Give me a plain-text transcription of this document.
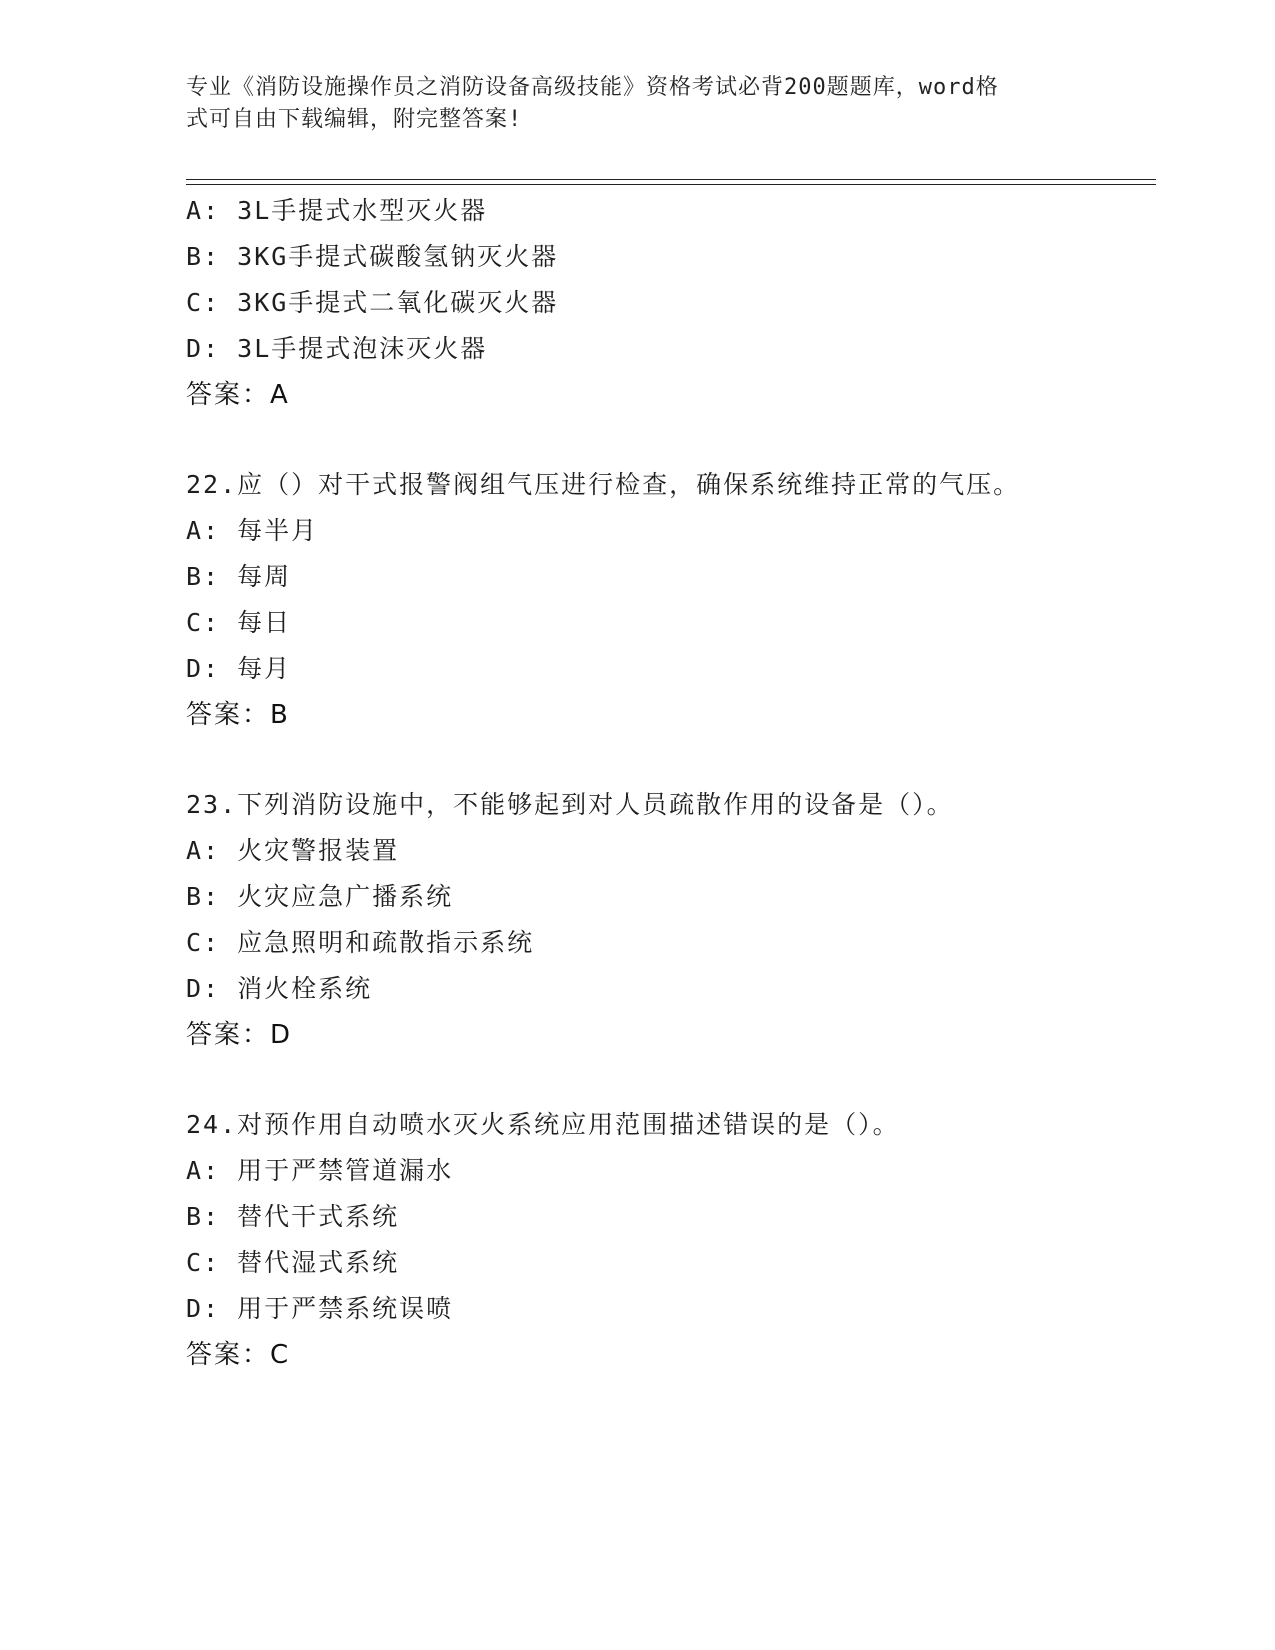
专业《消防设施操作员之消防设备高级技能》资格考试必背200题题库，word格
式可自由下载编辑，附完整答案!
A: 3L手提式水型灭火器
B: 3KG手提式碳酸氢钠灭火器
C: 3KG手提式二氧化碳灭火器
D: 3L手提式泡沫灭火器
答案：A
22.应（）对干式报警阀组气压进行检查，确保系统维持正常的气压。
A: 每半月
B: 每周
C: 每日
D: 每月
答案：B
23.下列消防设施中，不能够起到对人员疏散作用的设备是（）。
A: 火灾警报装置
B: 火灾应急广播系统
C: 应急照明和疏散指示系统
D: 消火栓系统
答案：D
24.对预作用自动喷水灭火系统应用范围描述错误的是（）。
A: 用于严禁管道漏水
B: 替代干式系统
C: 替代湿式系统
D: 用于严禁系统误喷
答案：C
